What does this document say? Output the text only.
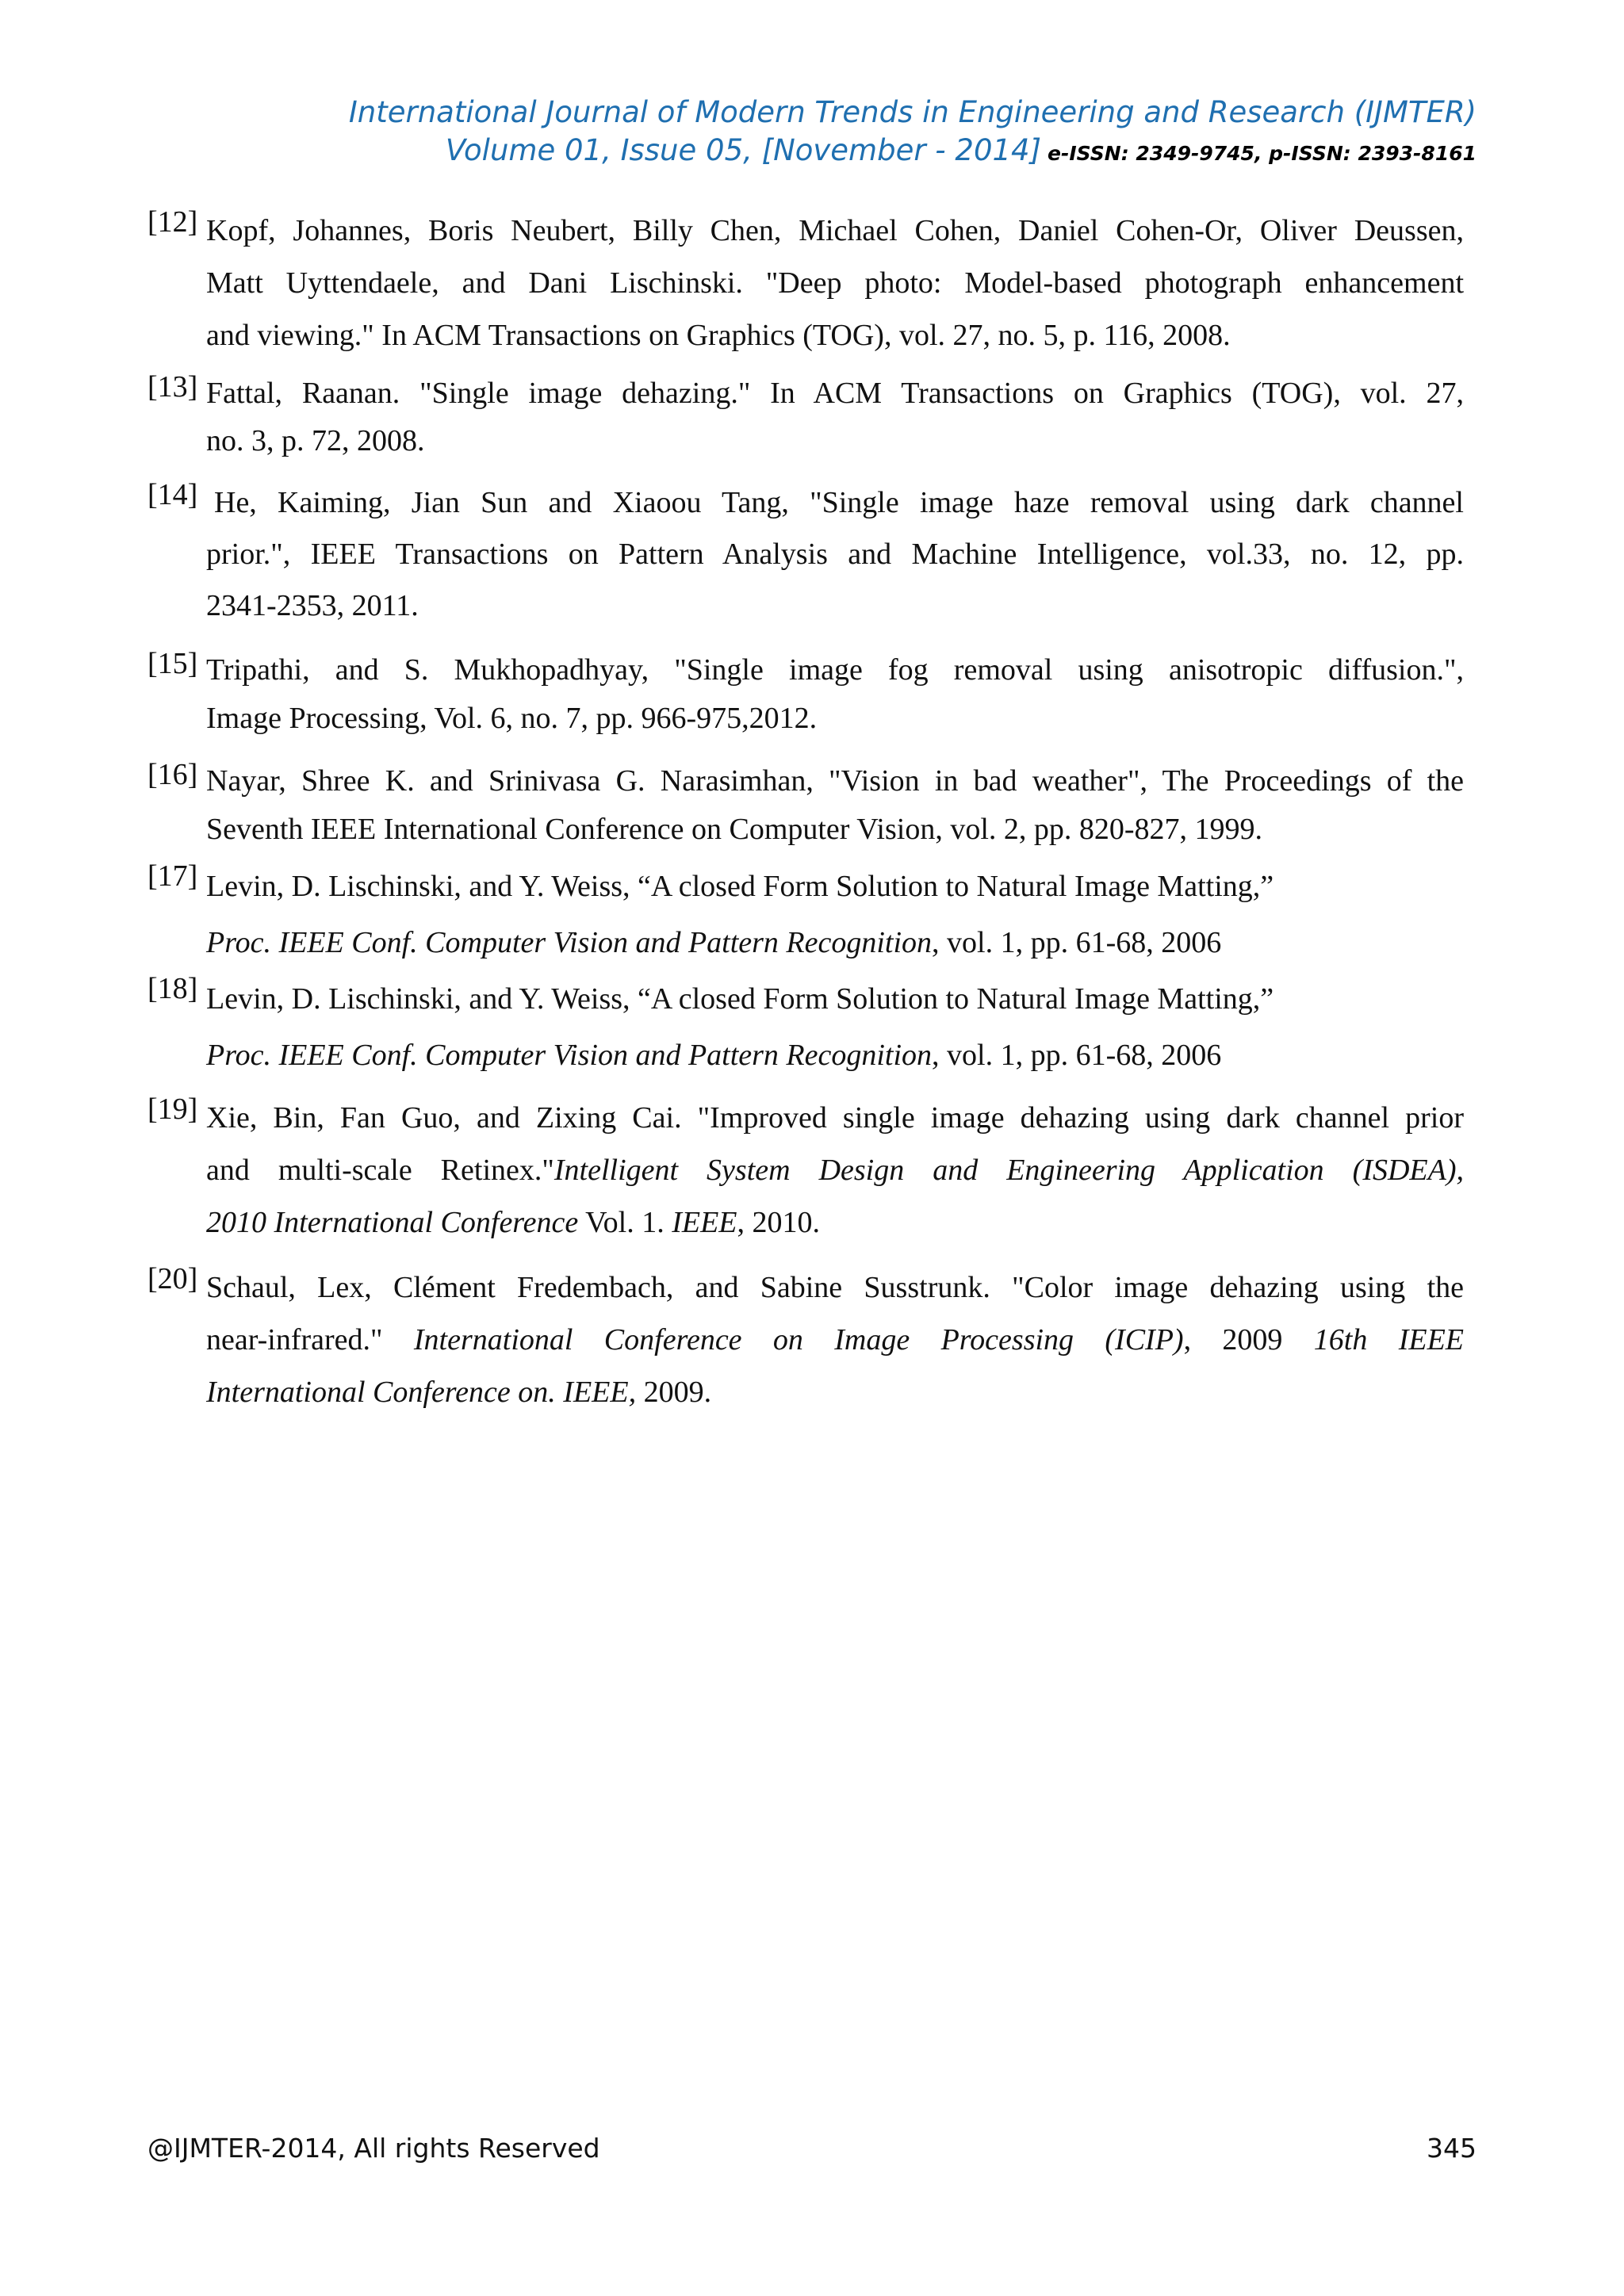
International Journal of Modern Trends in Engineering and Research (IJMTER)
Volume 01, Issue 05, [November - 2014] e-ISSN: 2349-9745, p-ISSN: 2393-8161
[12] Kopf, Johannes, Boris Neubert, Billy Chen, Michael Cohen, Daniel Cohen-Or, Oliver Deussen,
Matt Uyttendaele, and Dani Lischinski. "Deep photo: Model-based photograph enhancement
and viewing." In ACM Transactions on Graphics (TOG), vol. 27, no. 5, p. 116, 2008.
[13] Fattal, Raanan. "Single image dehazing." In ACM Transactions on Graphics (TOG), vol. 27,
no. 3, p. 72, 2008.
[14] He, Kaiming, Jian Sun and Xiaoou Tang, "Single image haze removal using dark channel
prior.", IEEE Transactions on Pattern Analysis and Machine Intelligence, vol.33, no. 12, pp.
2341-2353, 2011.
[15] Tripathi, and S. Mukhopadhyay, "Single image fog removal using anisotropic diffusion.",
Image Processing, Vol. 6, no. 7, pp. 966-975,2012.
[16] Nayar, Shree K. and Srinivasa G. Narasimhan, "Vision in bad weather", The Proceedings of the
Seventh IEEE International Conference on Computer Vision, vol. 2, pp. 820-827, 1999.
[17] Levin, D. Lischinski, and Y. Weiss, “A closed Form Solution to Natural Image Matting,”
Proc. IEEE Conf. Computer Vision and Pattern Recognition, vol. 1, pp. 61-68, 2006
[18] Levin, D. Lischinski, and Y. Weiss, “A closed Form Solution to Natural Image Matting,”
Proc. IEEE Conf. Computer Vision and Pattern Recognition, vol. 1, pp. 61-68, 2006
[19] Xie, Bin, Fan Guo, and Zixing Cai. "Improved single image dehazing using dark channel prior
and multi-scale Retinex."Intelligent System Design and Engineering Application (ISDEA),
2010 International Conference Vol. 1. IEEE, 2010.
[20] Schaul, Lex, Clément Fredembach, and Sabine Susstrunk. "Color image dehazing using the
near-infrared." International Conference on Image Processing (ICIP), 2009 16th IEEE
International Conference on. IEEE, 2009.
@IJMTER-2014, All rights Reserved	345
